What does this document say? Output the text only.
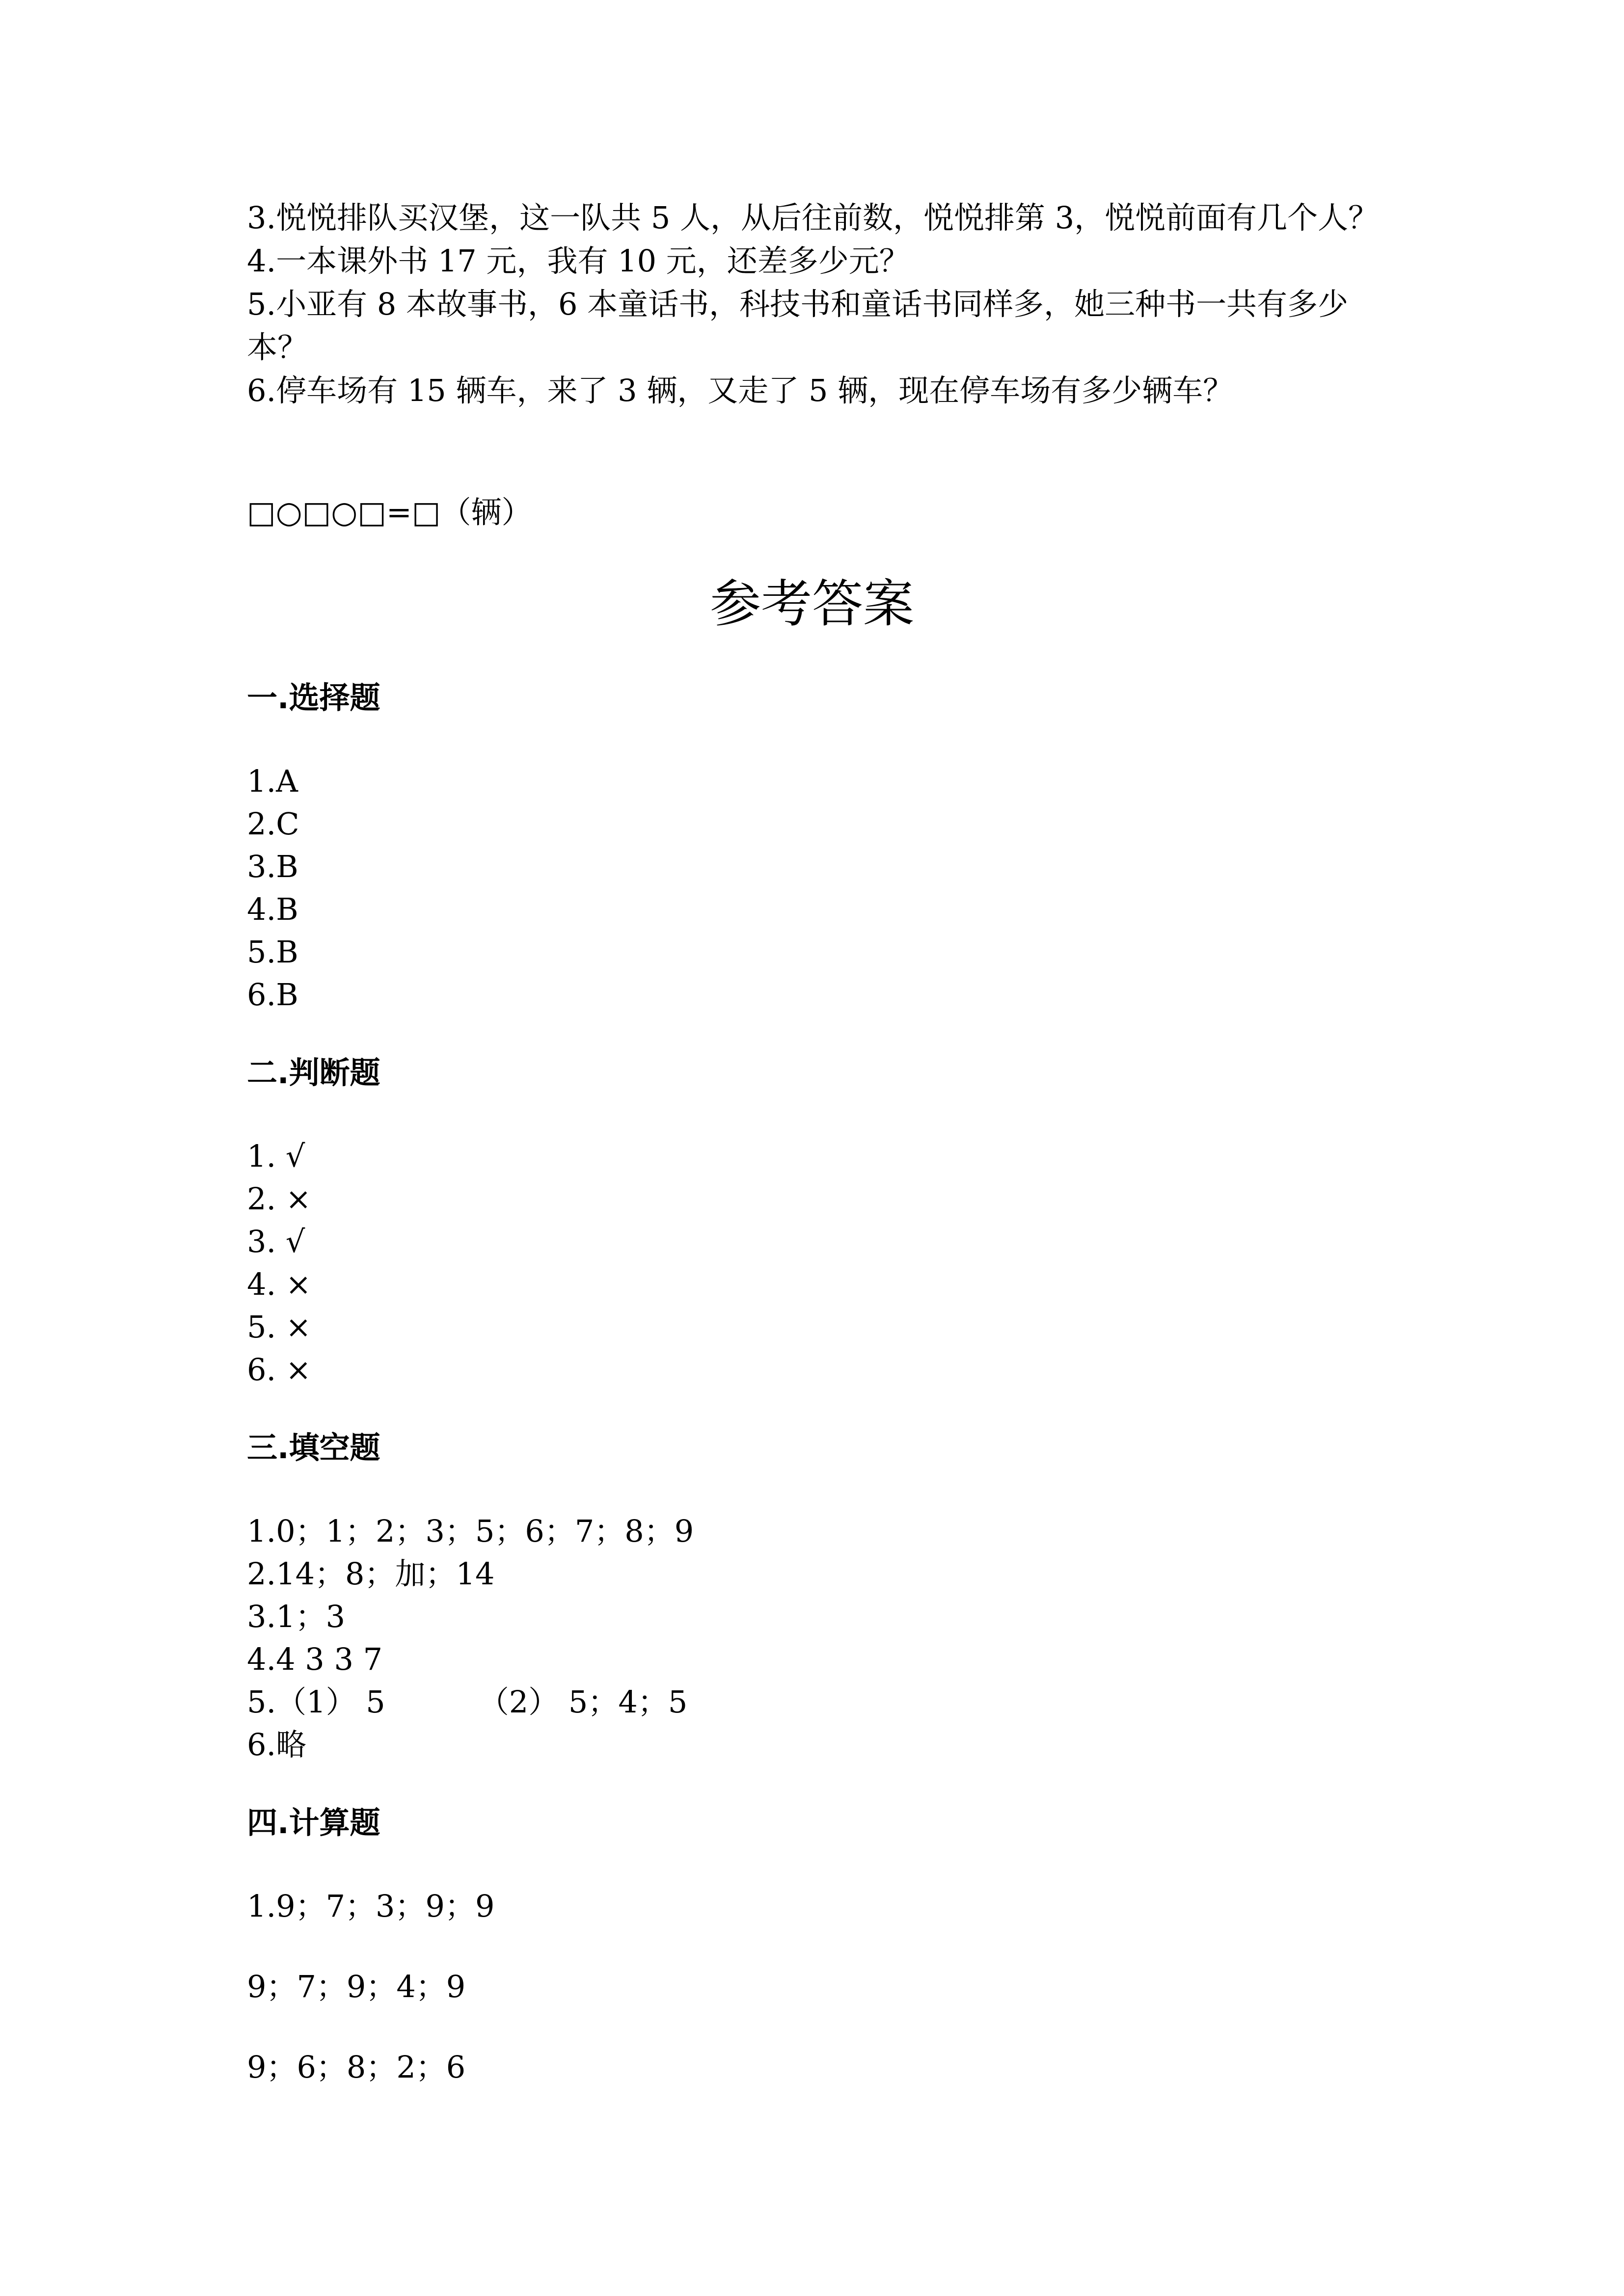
3.悦悦排队买汉堡，这一队共 5 人，从后往前数，悦悦排第 3，悦悦前面有几个人？

4.一本课外书 17 元，我有 10 元，还差多少元？

5.小亚有 8 本故事书，6 本童话书，科技书和童话书同样多，她三种书一共有多少本？

6.停车场有 15 辆车，来了 3 辆，又走了 5 辆，现在停车场有多少辆车？

□○□○□=□（辆）
参考答案
一.选择题
1.A
2.C
3.B
4.B
5.B
6.B
二.判断题
1. √
2. ×
3. √
4. ×
5. ×
6. ×
三.填空题
1.0；1；2；3；5；6；7；8；9
2.14；8；加；14
3.1；3
4.4 3 3 7
5.（1） 5	（2） 5；4；5
6.略
四.计算题
1.9；7；3；9；9
9；7；9；4；9
9；6；8；2；6
